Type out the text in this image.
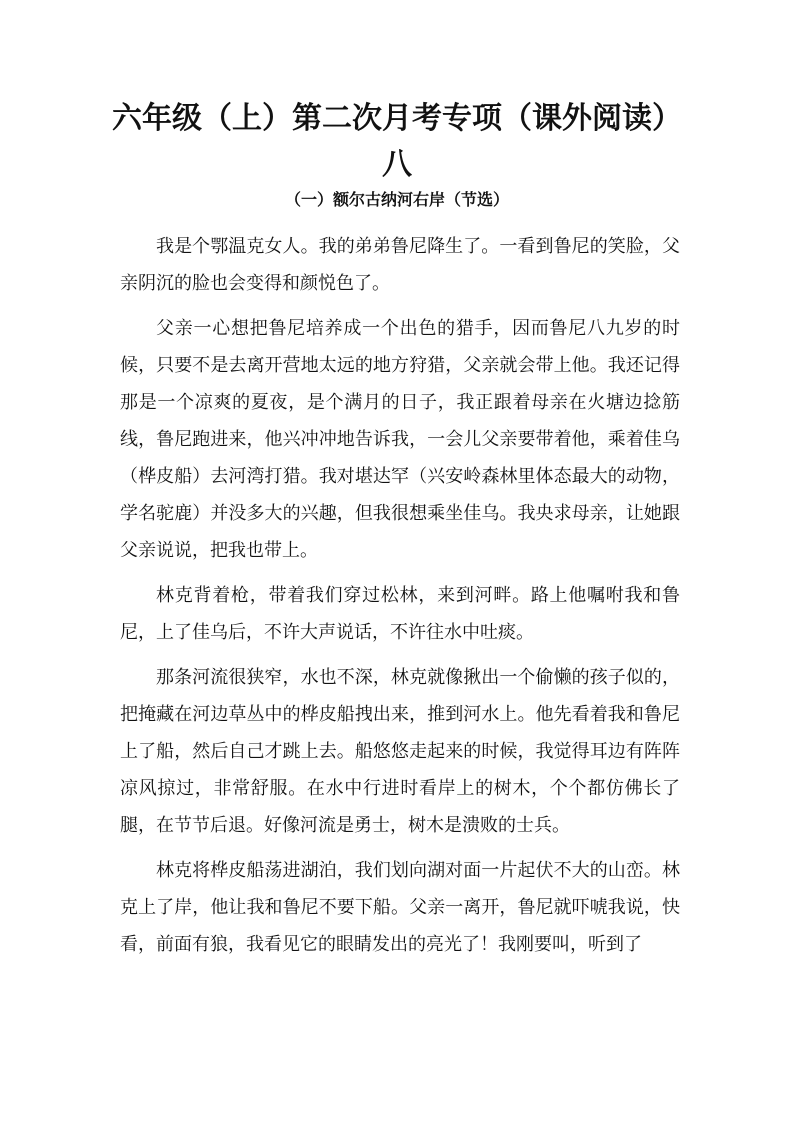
六年级（上）第二次月考专项（课外阅读）八
（一）额尔古纳河右岸（节选）

我是个鄂温克女人。我的弟弟鲁尼降生了。一看到鲁尼的笑脸，父亲阴沉的脸也会变得和颜悦色了。

父亲一心想把鲁尼培养成一个出色的猎手，因而鲁尼八九岁的时候，只要不是去离开营地太远的地方狩猎，父亲就会带上他。我还记得那是一个凉爽的夏夜，是个满月的日子，我正跟着母亲在火塘边捻筋线，鲁尼跑进来，他兴冲冲地告诉我，一会儿父亲要带着他，乘着佳乌（桦皮船）去河湾打猎。我对堪达罕（兴安岭森林里体态最大的动物，学名驼鹿）并没多大的兴趣，但我很想乘坐佳乌。我央求母亲，让她跟父亲说说，把我也带上。

林克背着枪，带着我们穿过松林，来到河畔。路上他嘱咐我和鲁尼，上了佳乌后，不许大声说话，不许往水中吐痰。

那条河流很狭窄，水也不深，林克就像揪出一个偷懒的孩子似的，把掩藏在河边草丛中的桦皮船拽出来，推到河水上。他先看着我和鲁尼上了船，然后自己才跳上去。船悠悠走起来的时候，我觉得耳边有阵阵凉风掠过，非常舒服。在水中行进时看岸上的树木，个个都仿佛长了腿，在节节后退。好像河流是勇士，树木是溃败的士兵。

林克将桦皮船荡进湖泊，我们划向湖对面一片起伏不大的山峦。林克上了岸，他让我和鲁尼不要下船。父亲一离开，鲁尼就吓唬我说，快看，前面有狼，我看见它的眼睛发出的亮光了！我刚要叫，听到了
